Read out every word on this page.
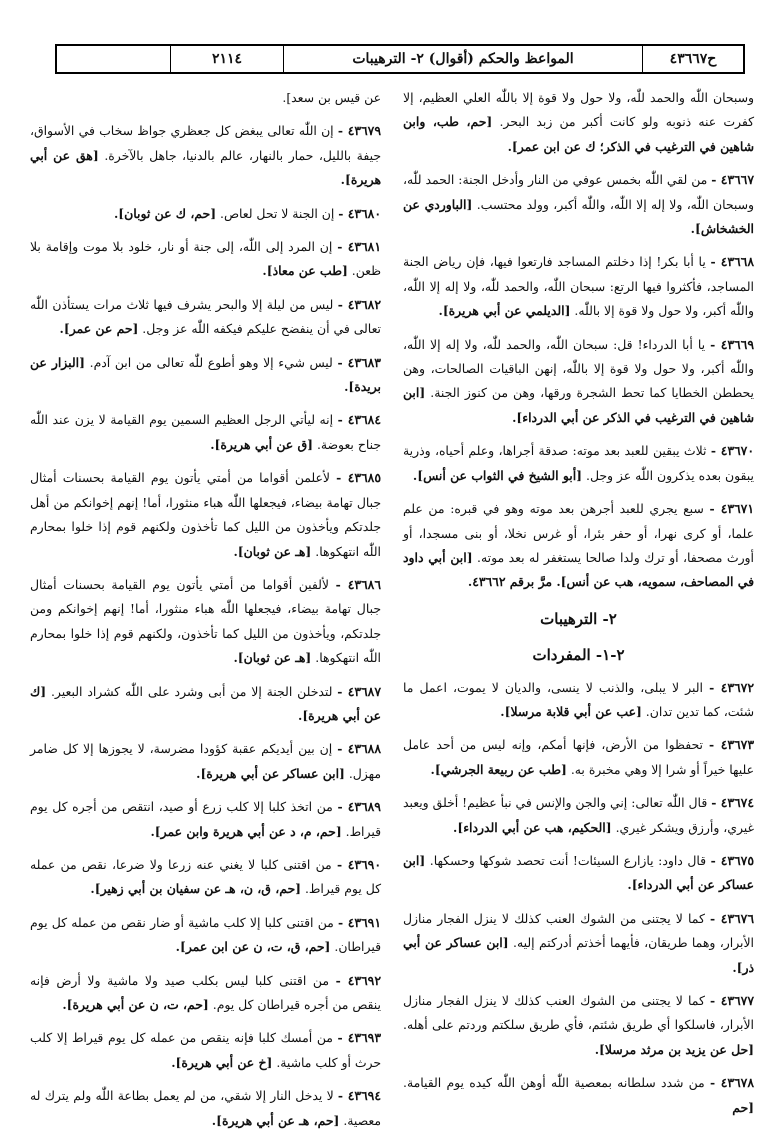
٢١١٤	المواعظ والحكم (أقوال) ٢- الترهيبات	ح٤٣٦٦٧
وسبحان اللّٰه والحمد للّٰه، ولا حول ولا قوة إلا باللّٰه العلي العظيم، إلا كفرت عنه ذنوبه ولو كانت أكبر من زبد البحر. [حم، طب، وابن شاهين في الترغيب في الذكر؛ ك عن ابن عمر].
٤٣٦٦٧ - من لقي اللّٰه بخمس عوفي من النار وأدخل الجنة: الحمد للّٰه، وسبحان اللّٰه، ولا إله إلا اللّٰه، واللّٰه أكبر، وولد محتسب. [الباوردي عن الخشخاش].
٤٣٦٦٨ - يا أبا بكر! إذا دخلتم المساجد فارتعوا فيها، فإن رياض الجنة المساجد، فأكثروا فيها الرتع: سبحان اللّٰه، والحمد للّٰه، ولا إله إلا اللّٰه، واللّٰه أكبر، ولا حول ولا قوة إلا باللّٰه. [الديلمي عن أبي هريرة].
٤٣٦٦٩ - يا أبا الدرداء! قل: سبحان اللّٰه، والحمد للّٰه، ولا إله إلا اللّٰه، واللّٰه أكبر، ولا حول ولا قوة إلا باللّٰه، إنهن الباقيات الصالحات، وهن يحططن الخطايا كما تحط الشجرة ورقها، وهن من كنوز الجنة. [ابن شاهين في الترغيب في الذكر عن أبي الدرداء].
٤٣٦٧٠ - ثلاث يبقين للعبد بعد موته: صدقة أجراها، وعلم أحياه، وذرية يبقون بعده يذكرون اللّٰه عز وجل. [أبو الشيخ في الثواب عن أنس].
٤٣٦٧١ - سبع يجري للعبد أجرهن بعد موته وهو في قبره: من علم علما، أو كرى نهرا، أو حفر بئرا، أو غرس نخلا، أو بنى مسجدا، أو أورث مصحفا، أو ترك ولدا صالحا يستغفر له بعد موته. [ابن أبي داود في المصاحف، سمويه، هب عن أنس]. مرَّ برقم ٤٣٦٦٢.
٢- الترهيبات
٢-١- المفردات
٤٣٦٧٢ - البر لا يبلى، والذنب لا ينسى، والديان لا يموت، اعمل ما شئت، كما تدين تدان. [عب عن أبي قلابة مرسلا].
٤٣٦٧٣ - تحفظوا من الأرض، فإنها أمكم، وإنه ليس من أحد عامل عليها خيراً أو شرا إلا وهي مخبرة به. [طب عن ربيعة الجرشي].
٤٣٦٧٤ - قال اللّٰه تعالى: إني والجن والإنس في نبأ عظيم! أخلق ويعبد غيري، وأرزق ويشكر غيري. [الحكيم، هب عن أبي الدرداء].
٤٣٦٧٥ - قال داود: يازارع السيئات! أنت تحصد شوكها وحسكها. [ابن عساكر عن أبي الدرداء].
٤٣٦٧٦ - كما لا يجتنى من الشوك العنب كذلك لا ينزل الفجار منازل الأبرار، وهما طريقان، فأيهما أخذتم أدركتم إليه. [ابن عساكر عن أبي ذر].
٤٣٦٧٧ - كما لا يجتنى من الشوك العنب كذلك لا ينزل الفجار منازل الأبرار، فاسلكوا أي طريق شئتم، فأي طريق سلكتم وردتم على أهله. [حل عن يزيد بن مرثد مرسلا].
٤٣٦٧٨ - من شدد سلطانه بمعصية اللّٰه أوهن اللّٰه كيده يوم القيامة. [حم
عن قيس بن سعد].
٤٣٦٧٩ - إن اللّٰه تعالى يبغض كل جعظري جواظ سخاب في الأسواق، جيفة بالليل، حمار بالنهار، عالم بالدنيا، جاهل بالآخرة. [هق عن أبي هريرة].
٤٣٦٨٠ - إن الجنة لا تحل لعاص. [حم، ك عن ثوبان].
٤٣٦٨١ - إن المرد إلى اللّٰه، إلى جنة أو نار، خلود بلا موت وإقامة بلا ظعن. [طب عن معاذ].
٤٣٦٨٢ - ليس من ليلة إلا والبحر يشرف فيها ثلاث مرات يستأذن اللّٰه تعالى في أن ينفضح عليكم فيكفه اللّٰه عز وجل. [حم عن عمر].
٤٣٦٨٣ - ليس شيء إلا وهو أطوع للّٰه تعالى من ابن آدم. [البزار عن بريدة].
٤٣٦٨٤ - إنه ليأتي الرجل العظيم السمين يوم القيامة لا يزن عند اللّٰه جناح بعوضة. [ق عن أبي هريرة].
٤٣٦٨٥ - لأعلمن أقواما من أمتي يأتون يوم القيامة بحسنات أمثال جبال تهامة بيضاء، فيجعلها اللّٰه هباء منثورا، أما! إنهم إخوانكم من أهل جلدتكم ويأخذون من الليل كما تأخذون ولكنهم قوم إذا خلوا بمحارم اللّٰه انتهكوها. [هـ عن ثوبان].
٤٣٦٨٦ - لألفين أقواما من أمتي يأتون يوم القيامة بحسنات أمثال جبال تهامة بيضاء، فيجعلها اللّٰه هباء منثورا، أما! إنهم إخوانكم ومن جلدتكم، ويأخذون من الليل كما تأخذون، ولكنهم قوم إذا خلوا بمحارم اللّٰه انتهكوها. [هـ عن ثوبان].
٤٣٦٨٧ - لتدخلن الجنة إلا من أبى وشرد على اللّٰه كشراد البعير. [ك عن أبي هريرة].
٤٣٦٨٨ - إن بين أيديكم عقبة كؤودا مضرسة، لا يجوزها إلا كل ضامر مهزل. [ابن عساكر عن أبي هريرة].
٤٣٦٨٩ - من اتخذ كلبا إلا كلب زرع أو صيد، انتقص من أجره كل يوم قيراط. [حم، م، د عن أبي هريرة وابن عمر].
٤٣٦٩٠ - من اقتنى كلبا لا يغني عنه زرعا ولا ضرعا، نقص من عمله كل يوم قيراط. [حم، ق، ن، هـ عن سفيان بن أبي زهير].
٤٣٦٩١ - من اقتنى كلبا إلا كلب ماشية أو ضار نقص من عمله كل يوم قيراطان. [حم، ق، ت، ن عن ابن عمر].
٤٣٦٩٢ - من اقتنى كلبا ليس بكلب صيد ولا ماشية ولا أرض فإنه ينقص من أجره قيراطان كل يوم. [حم، ت، ن عن أبي هريرة].
٤٣٦٩٣ - من أمسك كلبا فإنه ينقص من عمله كل يوم قيراط إلا كلب حرث أو كلب ماشية. [خ عن أبي هريرة].
٤٣٦٩٤ - لا يدخل النار إلا شقي، من لم يعمل بطاعة اللّٰه ولم يترك له معصية. [حم، هـ عن أبي هريرة].
